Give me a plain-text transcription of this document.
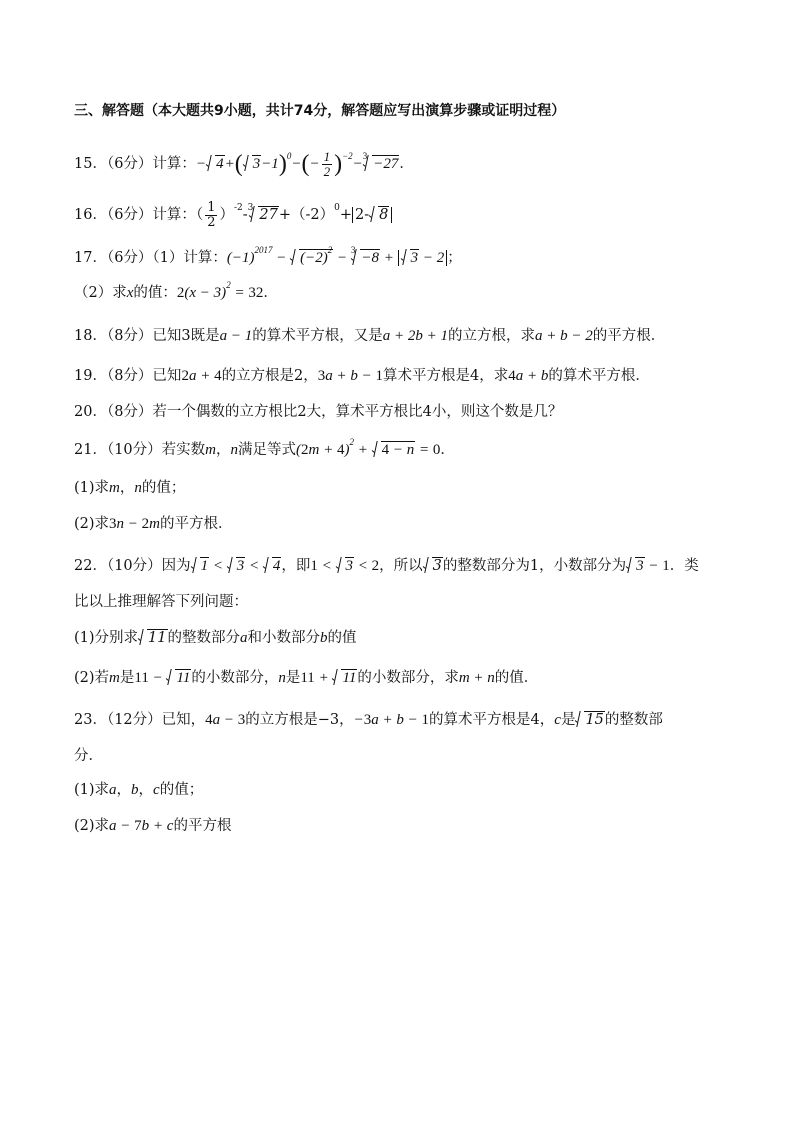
三、解答题（本大题共9小题，共计74分，解答题应写出演算步骤或证明过程）
15．（6分）计算：− 4+( $3-1)^0-(- \frac{1}{2} )^{-2}-^3 -27$．
16．（6分）计算：（ $\frac{1}{2} )^{-2}-^3$ $27+(-2)^0+ 2-$ 8
17．（6分）（1）计算：$(-1)^{2017} - (-2)^2 - ^3 -8 + 3 - 2$ ；
（2）求x的值：$2(x - 3)^2 = 32$．
18．（8分）已知3既是a − 1的算术平方根，又是a + 2b + 1的立方根，求a + b − 2的平方根．
19．（8分）已知2a + 4的立方根是2，3a + b − 1算术平方根是4，求4a + b的算术平方根．
20．（8分）若一个偶数的立方根比2大，算术平方根比4小，则这个数是几？
21．（10分）若实数m，n满足等式$(2m + 4)^2 + 4 - n = 0$．
(1)求m，n的值；
(2)求3n − 2m的平方根．
22．（10分）因为 1 < 3 < 4，即1 < 3 < 2，所以 3的整数部分为1，小数部分为 3 − 1．类
比以上推理解答下列问题：
(1)分别求 11的整数部分a和小数部分b的值
(2)若m是11 − 11的小数部分，n是11 + 11的小数部分，求m + n的值．
23．（12分）已知，4a − 3的立方根是−3，−3a + b − 1的算术平方根是4，c是 15的整数部
分．
(1)求a，b，c的值；
(2)求a − 7b + c的平方根
